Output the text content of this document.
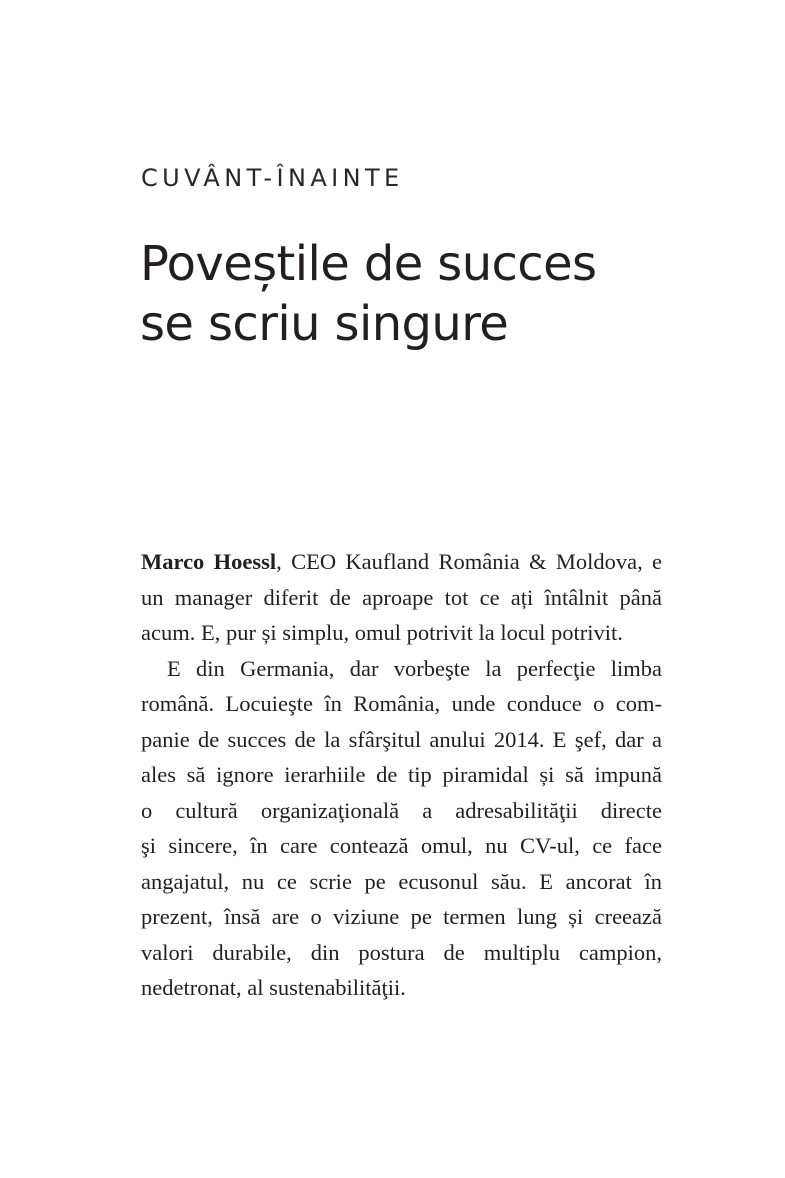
CUVÂNT-ÎNAINTE
Poveștile de succes
se scriu singure
Marco Hoessl, CEO Kaufland România & Moldova, e
un manager diferit de aproape tot ce ați întâlnit până
acum. E, pur și simplu, omul potrivit la locul potrivit.
E din Germania, dar vorbeşte la perfecţie limba
română. Locuieşte în România, unde conduce o com-
panie de succes de la sfârşitul anului 2014. E şef, dar a
ales să ignore ierarhiile de tip piramidal și să impună
o cultură organizaţională a adresabilităţii directe
şi sincere, în care contează omul, nu CV-ul, ce face
angajatul, nu ce scrie pe ecusonul său. E ancorat în
prezent, însă are o viziune pe termen lung și creează
valori durabile, din postura de multiplu campion,
nedetronat, al sustenabilităţii.
